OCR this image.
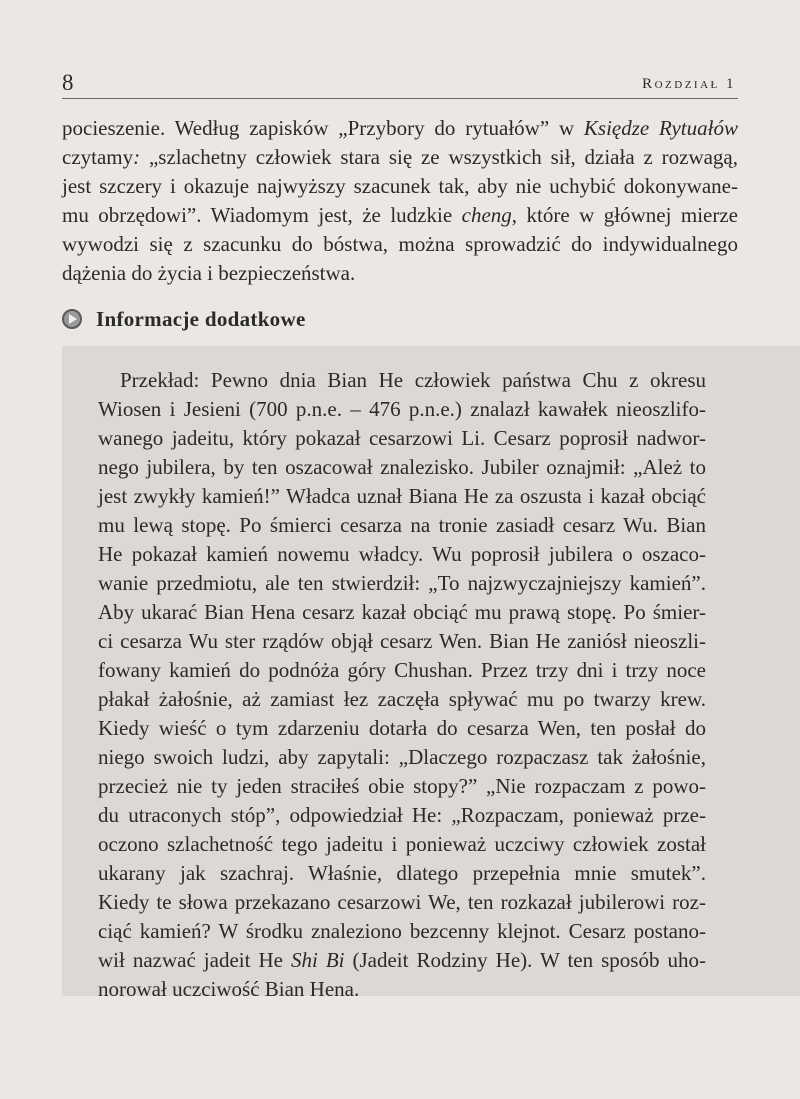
8	Rozdział 1
pocieszenie. Według zapisków „Przybory do rytuałów” w Księdze Rytuałów
czytamy: „szlachetny człowiek stara się ze wszystkich sił, działa z rozwagą,
jest szczery i okazuje najwyższy szacunek tak, aby nie uchybić dokonywane-
mu obrzędowi”. Wiadomym jest, że ludzkie cheng, które w głównej mierze
wywodzi się z szacunku do bóstwa, można sprowadzić do indywidualnego
dążenia do życia i bezpieczeństwa.
Informacje dodatkowe
Przekład: Pewno dnia Bian He człowiek państwa Chu z okresu
Wiosen i Jesieni (700 p.n.e. – 476 p.n.e.) znalazł kawałek nieoszlifo-
wanego jadeitu, który pokazał cesarzowi Li. Cesarz poprosił nadwor-
nego jubilera, by ten oszacował znalezisko. Jubiler oznajmił: „Ależ to
jest zwykły kamień!” Władca uznał Biana He za oszusta i kazał obciąć
mu lewą stopę. Po śmierci cesarza na tronie zasiadł cesarz Wu. Bian
He pokazał kamień nowemu władcy. Wu poprosił jubilera o oszaco-
wanie przedmiotu, ale ten stwierdził: „To najzwyczajniejszy kamień”.
Aby ukarać Bian Hena cesarz kazał obciąć mu prawą stopę. Po śmier-
ci cesarza Wu ster rządów objął cesarz Wen. Bian He zaniósł nieoszli-
fowany kamień do podnóża góry Chushan. Przez trzy dni i trzy noce
płakał żałośnie, aż zamiast łez zaczęła spływać mu po twarzy krew.
Kiedy wieść o tym zdarzeniu dotarła do cesarza Wen, ten posłał do
niego swoich ludzi, aby zapytali: „Dlaczego rozpaczasz tak żałośnie,
przecież nie ty jeden straciłeś obie stopy?” „Nie rozpaczam z powo-
du utraconych stóp”, odpowiedział He: „Rozpaczam, ponieważ prze-
oczono szlachetność tego jadeitu i ponieważ uczciwy człowiek został
ukarany jak szachraj. Właśnie, dlatego przepełnia mnie smutek”.
Kiedy te słowa przekazano cesarzowi We, ten rozkazał jubilerowi roz-
ciąć kamień? W środku znaleziono bezcenny klejnot. Cesarz postano-
wił nazwać jadeit He Shi Bi (Jadeit Rodziny He). W ten sposób uho-
norował uczciwość Bian Hena.
